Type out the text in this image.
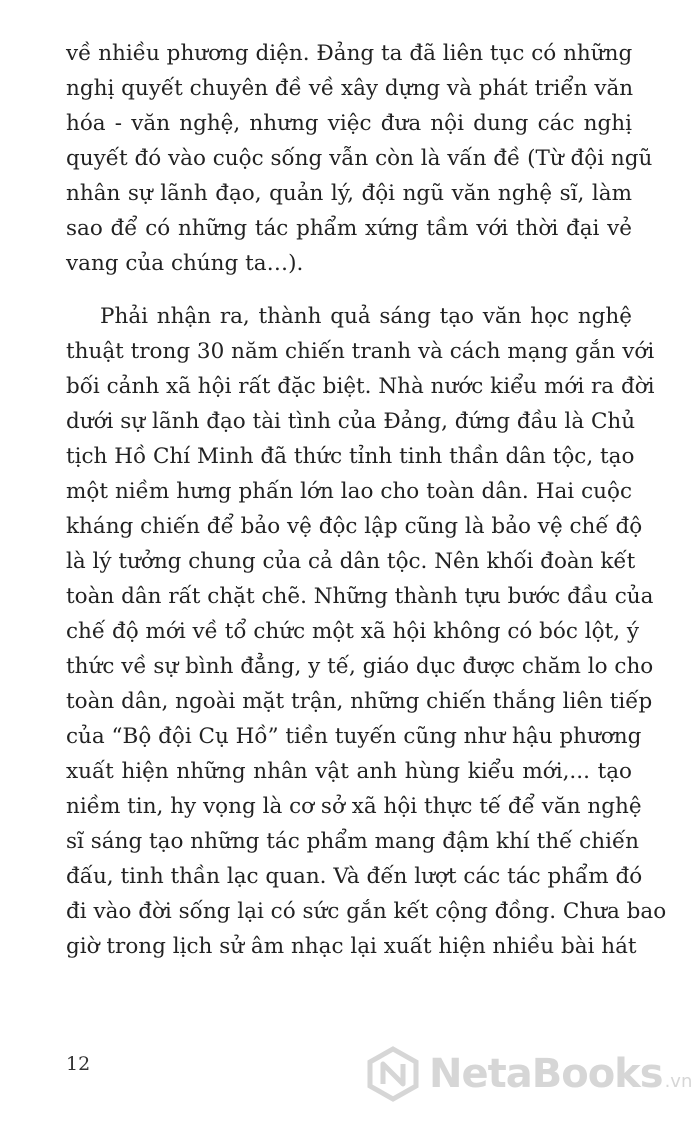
về nhiều phương diện. Đảng ta đã liên tục có những
nghị quyết chuyên đề về xây dựng và phát triển văn
hóa - văn nghệ, nhưng việc đưa nội dung các nghị
quyết đó vào cuộc sống vẫn còn là vấn đề (Từ đội ngũ
nhân sự lãnh đạo, quản lý, đội ngũ văn nghệ sĩ, làm
sao để có những tác phẩm xứng tầm với thời đại vẻ
vang của chúng ta…).
Phải nhận ra, thành quả sáng tạo văn học nghệ
thuật trong 30 năm chiến tranh và cách mạng gắn với
bối cảnh xã hội rất đặc biệt. Nhà nước kiểu mới ra đời
dưới sự lãnh đạo tài tình của Đảng, đứng đầu là Chủ
tịch Hồ Chí Minh đã thức tỉnh tinh thần dân tộc, tạo
một niềm hưng phấn lớn lao cho toàn dân. Hai cuộc
kháng chiến để bảo vệ độc lập cũng là bảo vệ chế độ
là lý tưởng chung của cả dân tộc. Nên khối đoàn kết
toàn dân rất chặt chẽ. Những thành tựu bước đầu của
chế độ mới về tổ chức một xã hội không có bóc lột, ý
thức về sự bình đẳng, y tế, giáo dục được chăm lo cho
toàn dân, ngoài mặt trận, những chiến thắng liên tiếp
của “Bộ đội Cụ Hồ” tiền tuyến cũng như hậu phương
xuất hiện những nhân vật anh hùng kiểu mới,... tạo
niềm tin, hy vọng là cơ sở xã hội thực tế để văn nghệ
sĩ sáng tạo những tác phẩm mang đậm khí thế chiến
đấu, tinh thần lạc quan. Và đến lượt các tác phẩm đó
đi vào đời sống lại có sức gắn kết cộng đồng. Chưa bao
giờ trong lịch sử âm nhạc lại xuất hiện nhiều bài hát
12	NetaBooks .vn
